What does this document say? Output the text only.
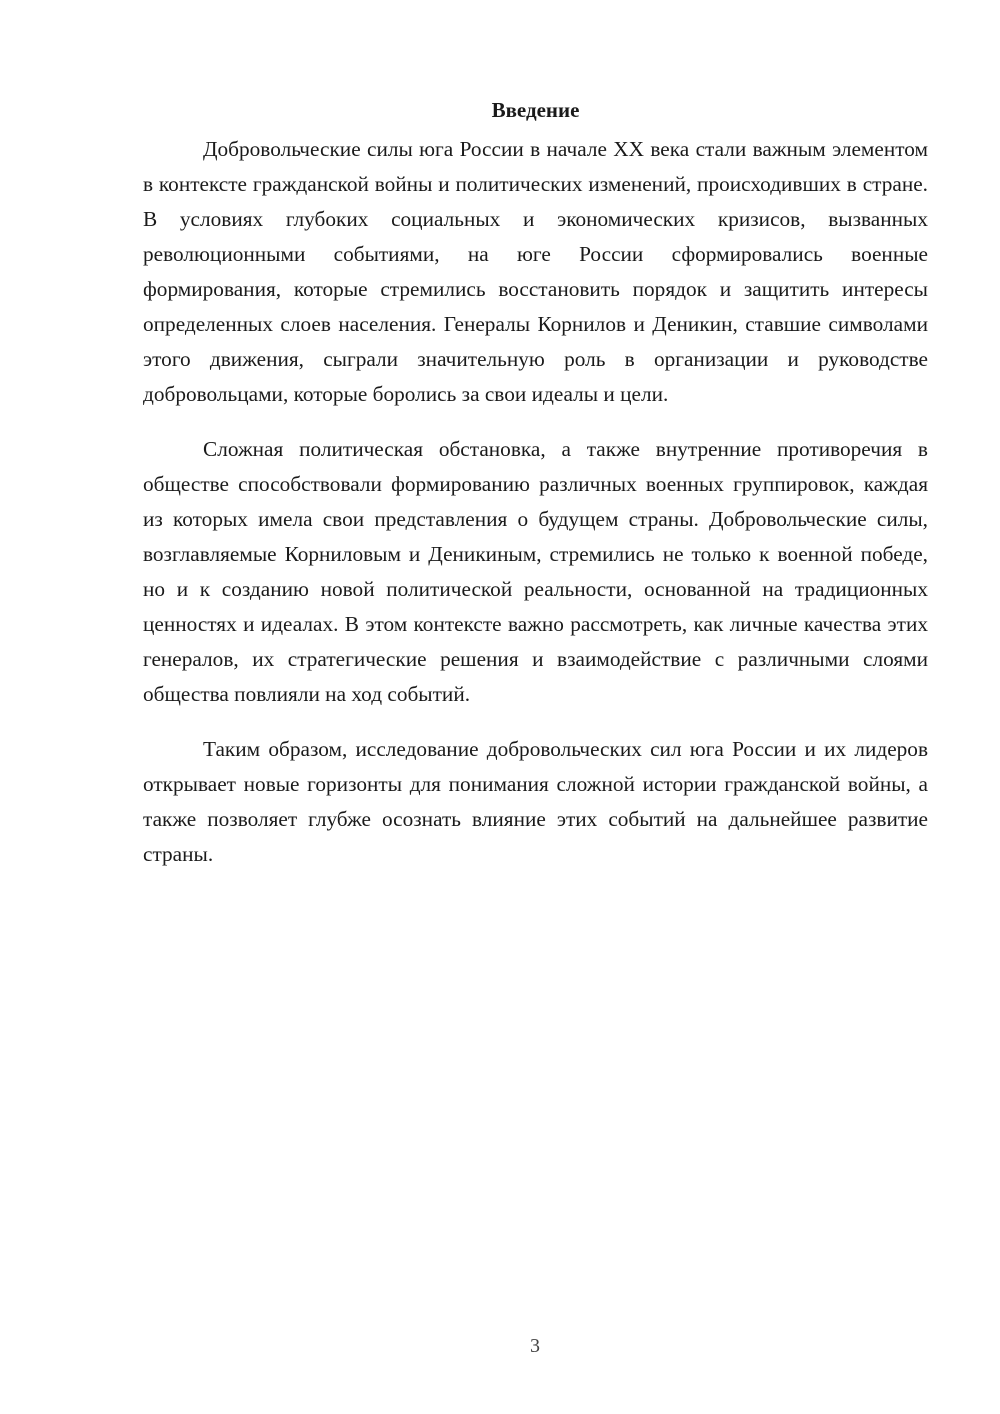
Введение

Добровольческие силы юга России в начале XX века стали важным элементом в контексте гражданской войны и политических изменений, происходивших в стране. В условиях глубоких социальных и экономических кризисов, вызванных революционными событиями, на юге России сформировались военные формирования, которые стремились восстановить порядок и защитить интересы определенных слоев населения. Генералы Корнилов и Деникин, ставшие символами этого движения, сыграли значительную роль в организации и руководстве добровольцами, которые боролись за свои идеалы и цели.

Сложная политическая обстановка, а также внутренние противоречия в обществе способствовали формированию различных военных группировок, каждая из которых имела свои представления о будущем страны. Добровольческие силы, возглавляемые Корниловым и Деникиным, стремились не только к военной победе, но и к созданию новой политической реальности, основанной на традиционных ценностях и идеалах. В этом контексте важно рассмотреть, как личные качества этих генералов, их стратегические решения и взаимодействие с различными слоями общества повлияли на ход событий.

Таким образом, исследование добровольческих сил юга России и их лидеров открывает новые горизонты для понимания сложной истории гражданской войны, а также позволяет глубже осознать влияние этих событий на дальнейшее развитие страны.

3
